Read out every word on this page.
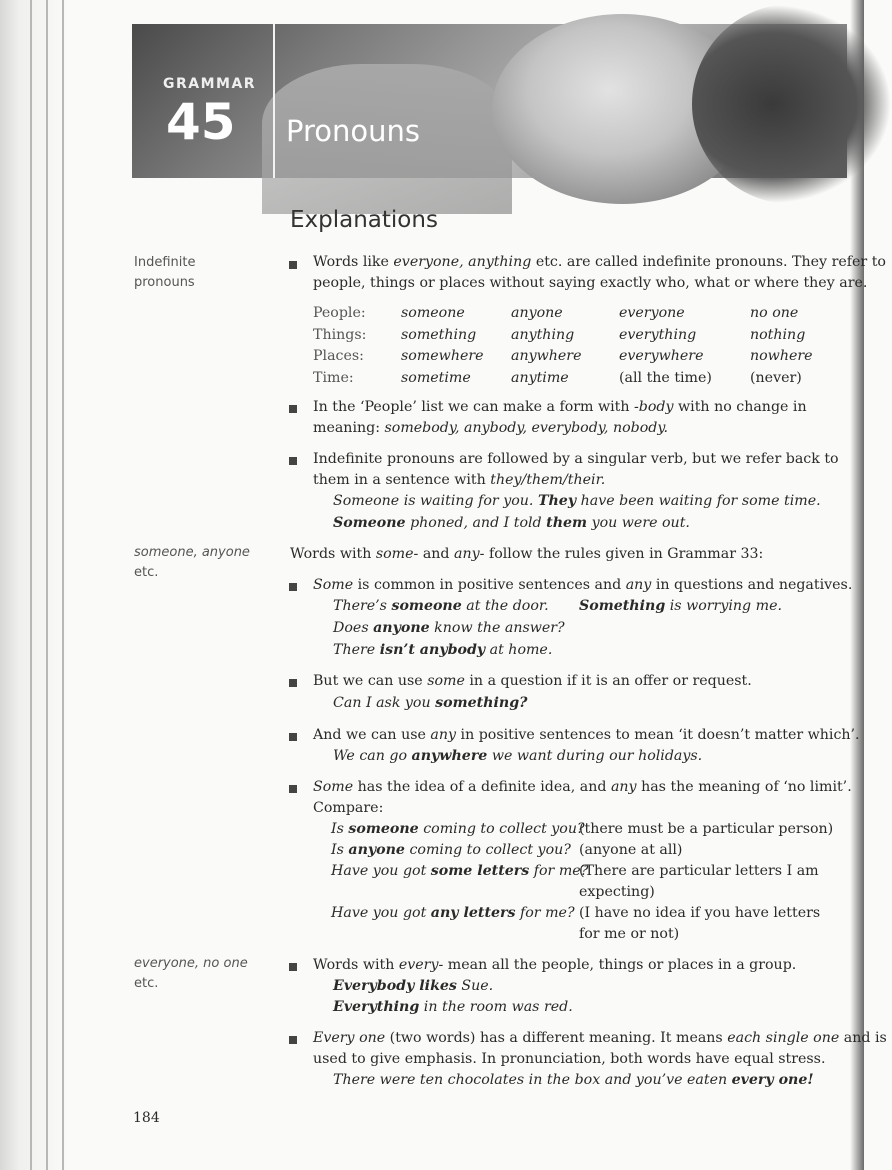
GRAMMAR
45 Pronouns
Explanations
Indefinite
pronouns
someone, anyone
etc.
everyone, no one
etc.
Words like everyone, anything etc. are called indefinite pronouns. They refer to
people, things or places without saying exactly who, what or where they are.
People:
Things:
Places:
Time:
someone
something
somewhere
sometime
anyone
anything
anywhere
anytime
everyone
everything
everywhere
(all the time)
no one
nothing
nowhere
(never)
In the ‘People’ list we can make a form with -body with no change in
meaning: somebody, anybody, everybody, nobody.
Indefinite pronouns are followed by a singular verb, but we refer back to
them in a sentence with they/them/their.
Someone is waiting for you. They have been waiting for some time.
Someone phoned, and I told them you were out.
Words with some- and any- follow the rules given in Grammar 33:
Some is common in positive sentences and any in questions and negatives.
There’s someone at the door. Something is worrying me.
Does anyone know the answer?
There isn’t anybody at home.
But we can use some in a question if it is an offer or request.
Can I ask you something?
And we can use any in positive sentences to mean ‘it doesn’t matter which’.
We can go anywhere we want during our holidays.
Some has the idea of a definite idea, and any has the meaning of ‘no limit’.
Compare:
Is someone coming to collect you?
(there must be a particular person)
Is anyone coming to collect you? (anyone at all)
Have you got some letters for me?
(There are particular letters I am
expecting)
Have you got any letters for me? (I have no idea if you have letters
for me or not)
Words with every- mean all the people, things or places in a group.
Everybody likes Sue.
Everything in the room was red.
Every one (two words) has a different meaning. It means each single one and is
used to give emphasis. In pronunciation, both words have equal stress.
There were ten chocolates in the box and you’ve eaten every one!
184
